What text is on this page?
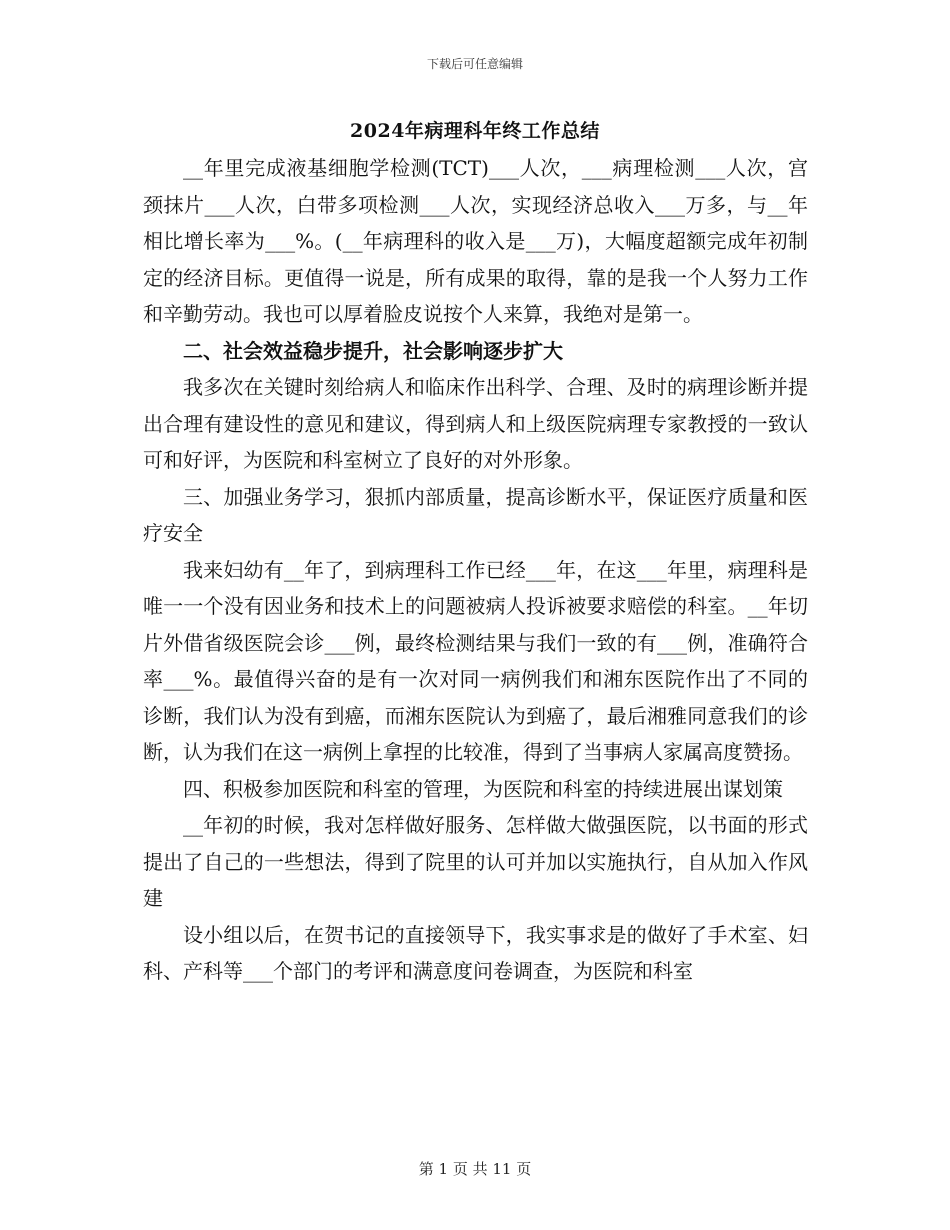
下载后可任意编辑
2024年病理科年终工作总结

__年里完成液基细胞学检测(TCT)___人次，___病理检测___人次，宫颈抹片___人次，白带多项检测___人次，实现经济总收入___万多，与__年相比增长率为___%。(__年病理科的收入是___万)，大幅度超额完成年初制定的经济目标。更值得一说是，所有成果的取得，靠的是我一个人努力工作和辛勤劳动。我也可以厚着脸皮说按个人来算，我绝对是第一。

二、社会效益稳步提升，社会影响逐步扩大

我多次在关键时刻给病人和临床作出科学、合理、及时的病理诊断并提出合理有建设性的意见和建议，得到病人和上级医院病理专家教授的一致认可和好评，为医院和科室树立了良好的对外形象。

三、加强业务学习，狠抓内部质量，提高诊断水平，保证医疗质量和医疗安全

我来妇幼有__年了，到病理科工作已经___年，在这___年里，病理科是唯一一个没有因业务和技术上的问题被病人投诉被要求赔偿的科室。__年切片外借省级医院会诊___例，最终检测结果与我们一致的有___例，准确符合率___%。最值得兴奋的是有一次对同一病例我们和湘东医院作出了不同的诊断，我们认为没有到癌，而湘东医院认为到癌了，最后湘雅同意我们的诊断，认为我们在这一病例上拿捏的比较准，得到了当事病人家属高度赞扬。

四、积极参加医院和科室的管理，为医院和科室的持续进展出谋划策

__年初的时候，我对怎样做好服务、怎样做大做强医院，以书面的形式提出了自己的一些想法，得到了院里的认可并加以实施执行，自从加入作风建

设小组以后，在贺书记的直接领导下，我实事求是的做好了手术室、妇科、产科等___个部门的考评和满意度问卷调查，为医院和科室

第 1 页 共 11 页
